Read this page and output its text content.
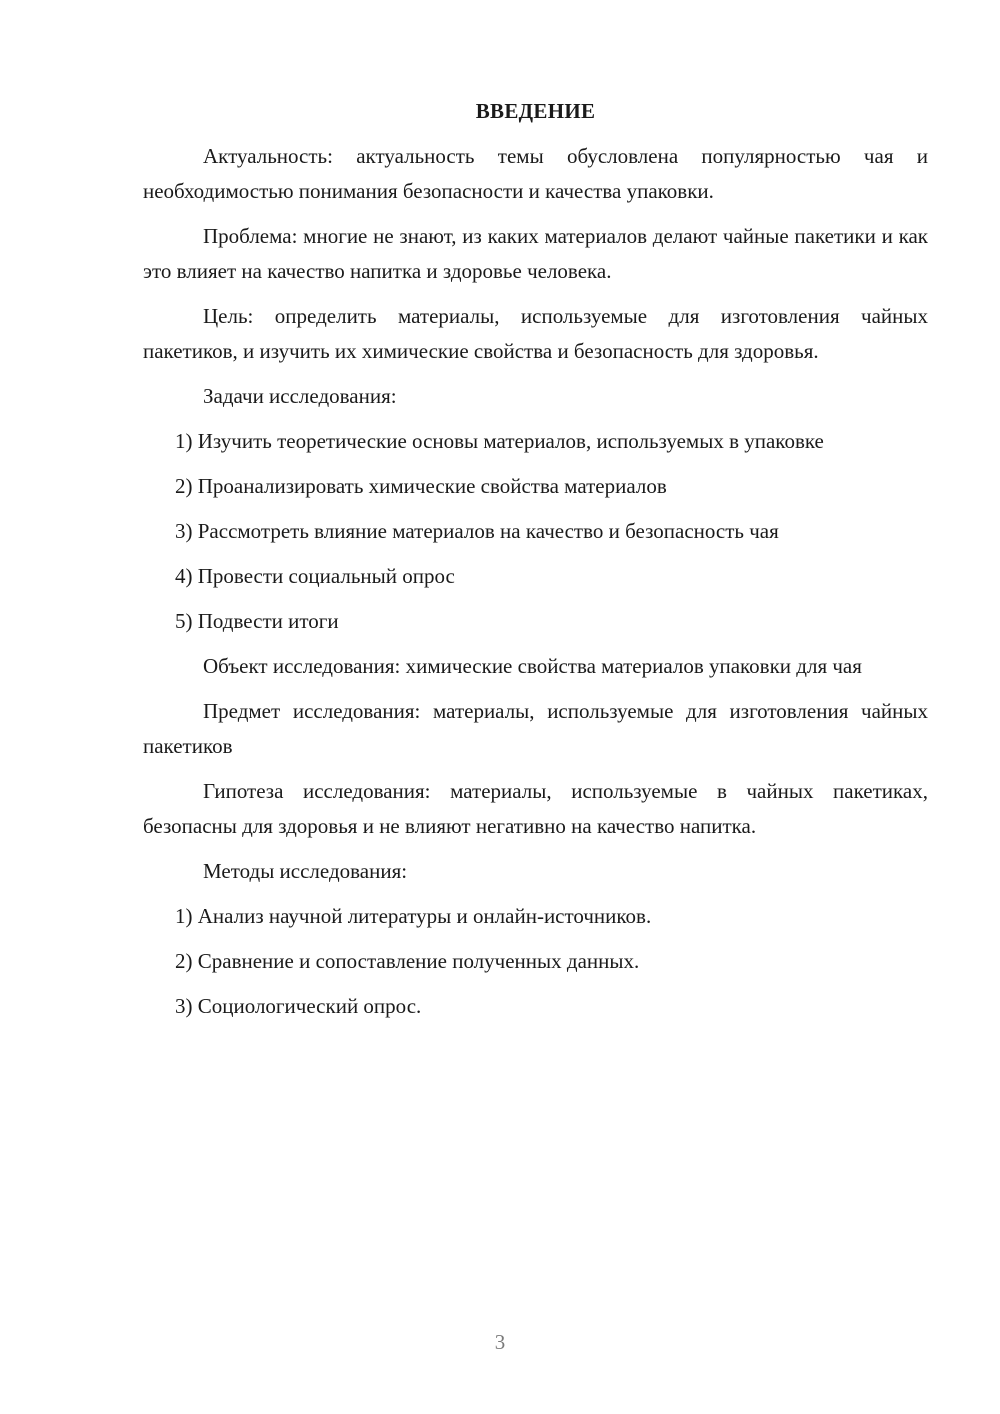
ВВЕДЕНИЕ

Актуальность: актуальность темы обусловлена популярностью чая и необходимостью понимания безопасности и качества упаковки.

Проблема: многие не знают, из каких материалов делают чайные пакетики и как это влияет на качество напитка и здоровье человека.

Цель: определить материалы, используемые для изготовления чайных пакетиков, и изучить их химические свойства и безопасность для здоровья.

Задачи исследования:

1) Изучить теоретические основы материалов, используемых в упаковке

2) Проанализировать химические свойства материалов

3) Рассмотреть влияние материалов на качество и безопасность чая

4) Провести социальный опрос

5) Подвести итоги

Объект исследования: химические свойства материалов упаковки для чая

Предмет исследования: материалы, используемые для изготовления чайных пакетиков

Гипотеза исследования: материалы, используемые в чайных пакетиках, безопасны для здоровья и не влияют негативно на качество напитка.

Методы исследования:

1) Анализ научной литературы и онлайн-источников.

2) Сравнение и сопоставление полученных данных.

3) Социологический опрос.

3
